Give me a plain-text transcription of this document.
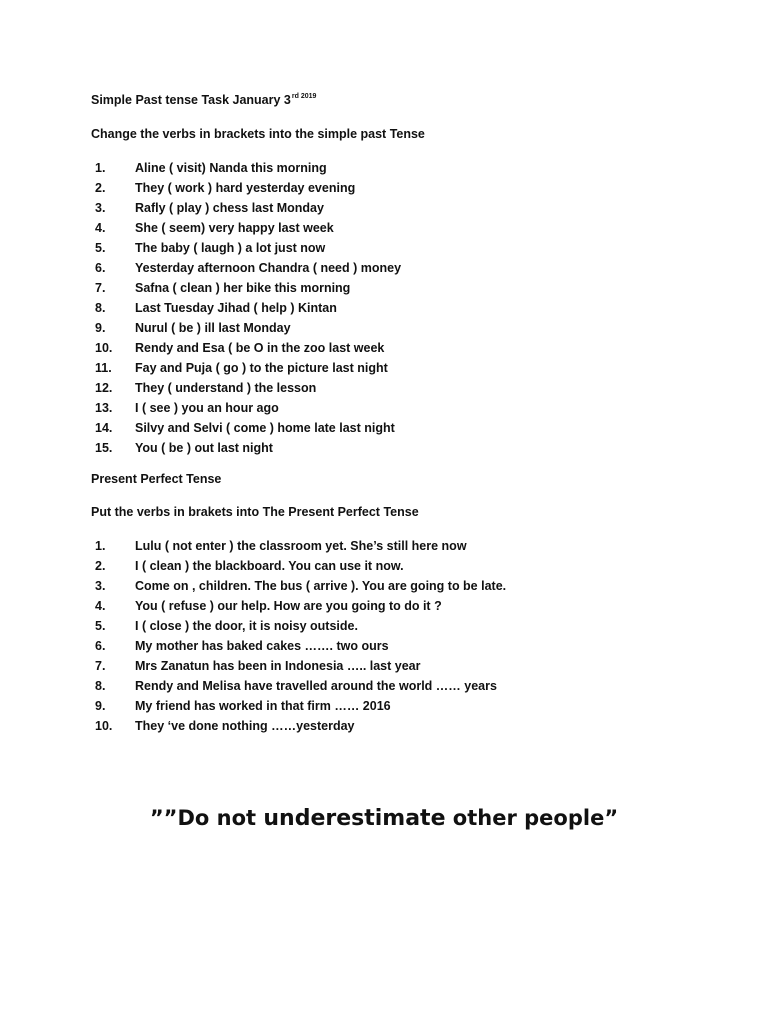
Simple Past tense Task January $3^{rd 2019}$
Change the verbs in brackets into the simple past Tense
1. Aline ( visit) Nanda this morning
2. They ( work ) hard yesterday evening
3. Rafly ( play ) chess last Monday
4. She ( seem) very happy last week
5. The baby ( laugh ) a lot just now
6. Yesterday afternoon Chandra ( need ) money
7. Safna ( clean ) her bike this morning
8. Last Tuesday Jihad ( help ) Kintan
9. Nurul ( be ) ill last Monday
10. Rendy and Esa ( be O in the zoo last week
11. Fay and Puja ( go ) to the picture last night
12. They ( understand ) the lesson
13. I ( see ) you an hour ago
14. Silvy and Selvi ( come ) home late last night
15. You ( be ) out last night
Present Perfect Tense
Put the verbs in brakets into The Present Perfect Tense
1. Lulu ( not enter ) the classroom yet. She’s still here now
2. I ( clean ) the blackboard. You can use it now.
3. Come on , children. The bus ( arrive ). You are going to be late.
4. You ( refuse ) our help. How are you going to do it ?
5. I ( close ) the door, it is noisy outside.
6. My mother has baked cakes ……. two ours
7. Mrs Zanatun has been in Indonesia ….. last year
8. Rendy and Melisa have travelled around the world …… years
9. My friend has worked in that firm …… 2016
10. They ‘ve done nothing ……yesterday
””Do not underestimate other people”
